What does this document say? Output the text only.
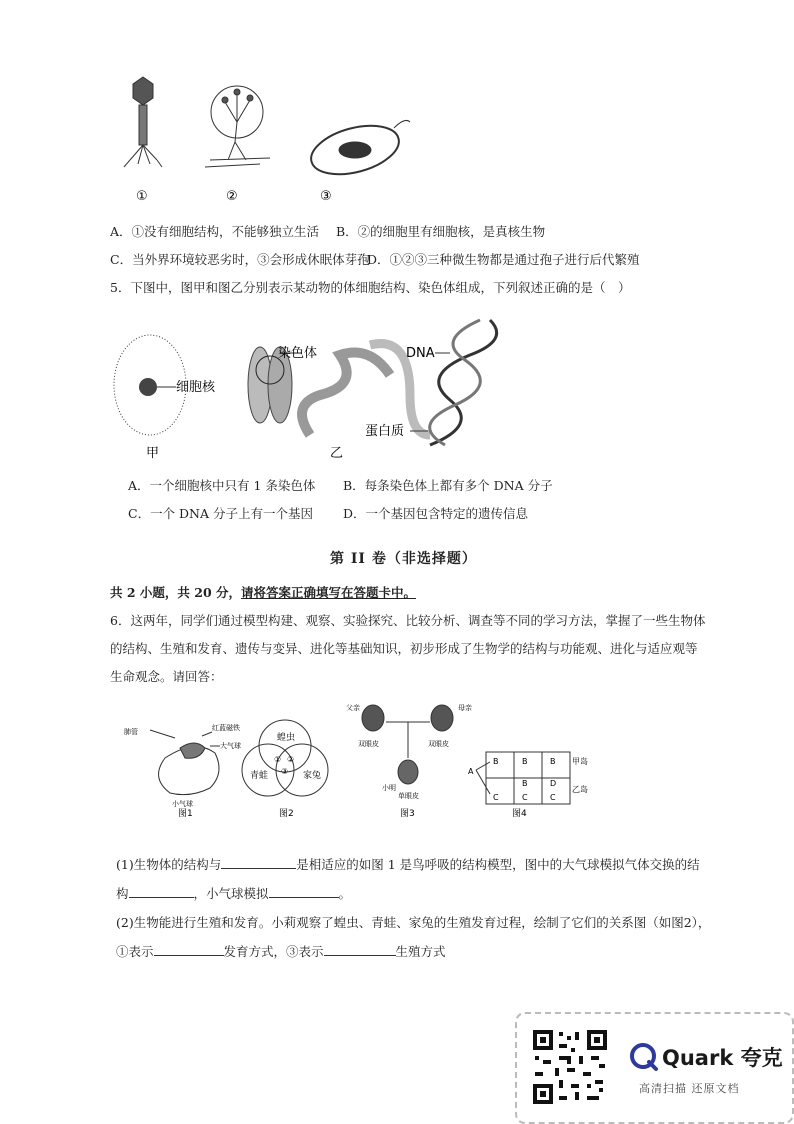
①	②	③
A．①没有细胞结构，不能够独立生活 B．②的细胞里有细胞核，是真核生物
C．当外界环境较恶劣时，③会形成休眠体芽孢
D．①②③三种微生物都是通过孢子进行后代繁殖
5．下图中，图甲和图乙分别表示某动物的体细胞结构、染色体组成，下列叙述正确的是（　）
细胞核
甲
染色体
乙
DNA
蛋白质
A．一个细胞核中只有 1 条染色体 B．每条染色体上都有多个 DNA 分子
C．一个 DNA 分子上有一个基因 D．一个基因包含特定的遗传信息
第 II 卷（非选择题）
共 2 小题，共 20 分，请将答案正确填写在答题卡中。
6．这两年，同学们通过模型构建、观察、实验探究、比较分析、调查等不同的学习方法，掌握了一些生物体
的结构、生殖和发育、遗传与变异、进化等基础知识，初步形成了生物学的结构与功能观、进化与适应观等
生命观念。请回答：
肺管	红蓝磁铁
大气球
小气球
图1
蝗虫
青蛙	家兔
① ②
③
图2
父亲	母亲
双眼皮	双眼皮
小明
单眼皮
图3
A
B	B	B
B
C	C	C
D
甲岛
乙岛
图4
(1)生物体的结构与	是相适应的如图 1 是鸟呼吸的结构模型，图中的大气球模拟气体交换的结
构	，小气球模拟	。
(2)生物能进行生殖和发育。小莉观察了蝗虫、青蛙、家兔的生殖发育过程，绘制了它们的关系图（如图2），
①表示	发育方式，③表示	生殖方式
Quark 夸克
高清扫描 还原文档
